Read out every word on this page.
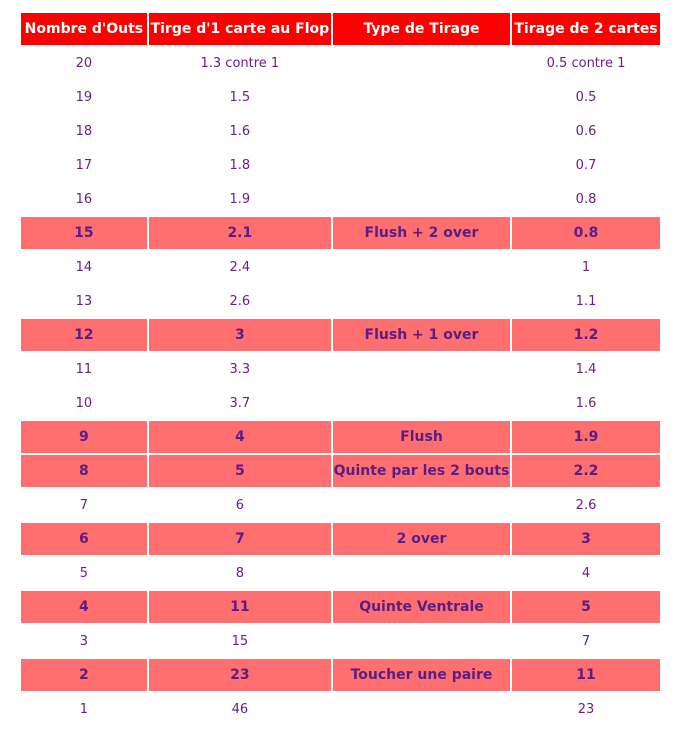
Nombre d'Outs	Tirge d'1 carte au Flop	Type de Tirage	Tirage de 2 cartes
20	1.3 contre 1		0.5 contre 1
19	1.5		0.5
18	1.6		0.6
17	1.8		0.7
16	1.9		0.8
15	2.1	Flush + 2 over	0.8
14	2.4		1
13	2.6		1.1
12	3	Flush + 1 over	1.2
11	3.3		1.4
10	3.7		1.6
9	4	Flush	1.9
8	5	Quinte par les 2 bouts	2.2
7	6		2.6
6	7	2 over	3
5	8		4
4	11	Quinte Ventrale	5
3	15		7
2	23	Toucher une paire	11
1	46		23
